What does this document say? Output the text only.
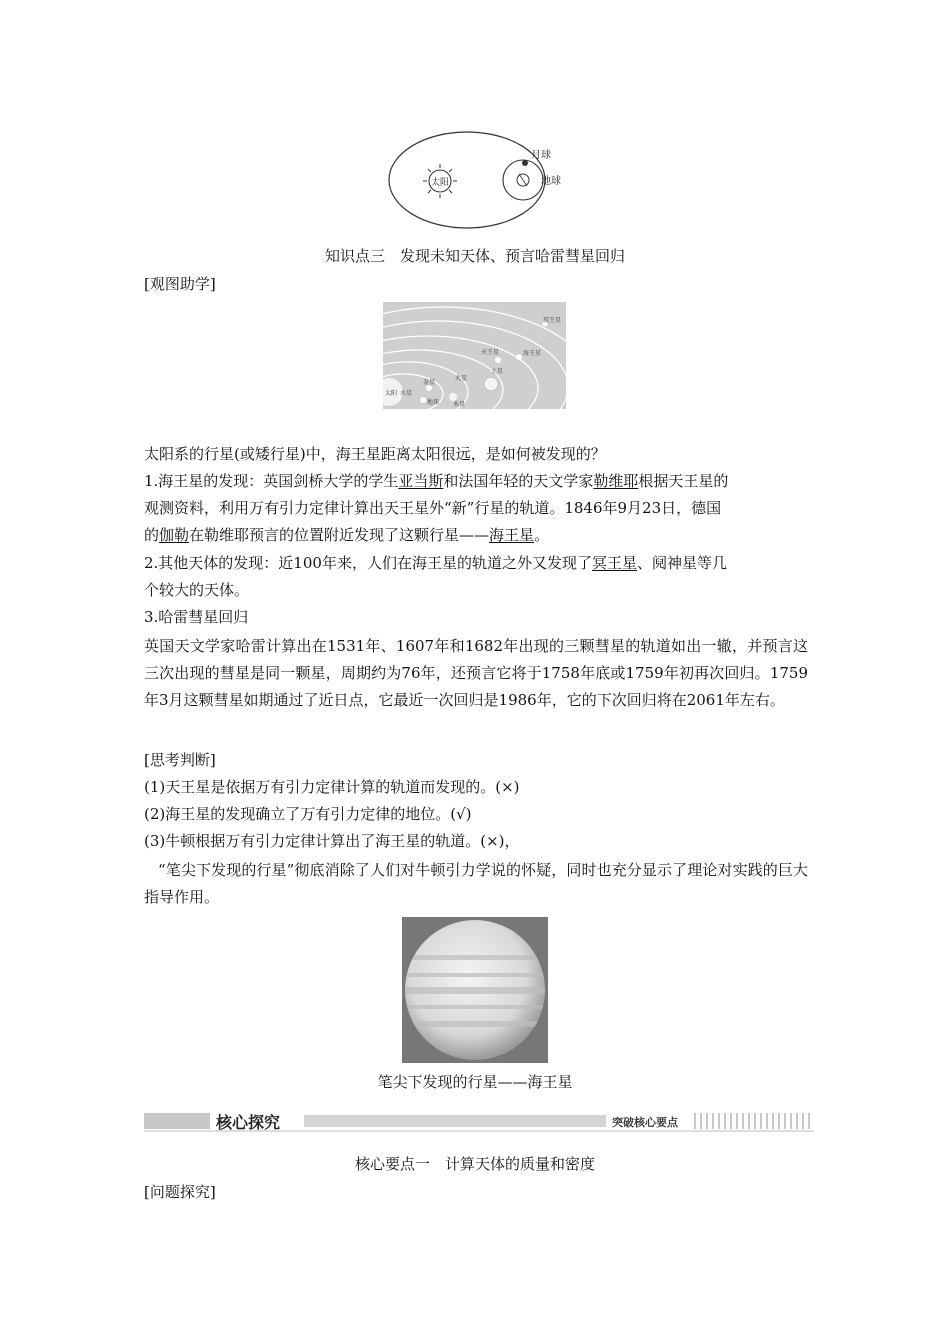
太阳
月球
地球
知识点三　发现未知天体、预言哈雷彗星回归
[观图助学]
太阳 水星
金星
地球
火星
木星
土星
天王星	海王星
冥王星
太阳系的行星(或矮行星)中，海王星距离太阳很远，是如何被发现的？
1.海王星的发现：英国剑桥大学的学生亚当斯和法国年轻的天文学家勒维耶根据天王星的
观测资料，利用万有引力定律计算出天王星外“新”行星的轨道。1846年9月23日，德国
的伽勒在勒维耶预言的位置附近发现了这颗行星——海王星。
2.其他天体的发现：近100年来，人们在海王星的轨道之外又发现了冥王星、阋神星等几
个较大的天体。
3.哈雷彗星回归
英国天文学家哈雷计算出在1531年、1607年和1682年出现的三颗彗星的轨道如出一辙，并预言这三次出现的彗星是同一颗星，周期约为76年，还预言它将于1758年底或1759年初再次回归。1759年3月这颗彗星如期通过了近日点，它最近一次回归是1986年，它的下次回归将在2061年左右。
[思考判断]
(1)天王星是依据万有引力定律计算的轨道而发现的。(×)
(2)海王星的发现确立了万有引力定律的地位。(√)
(3)牛顿根据万有引力定律计算出了海王星的轨道。(×)，
“笔尖下发现的行星”彻底消除了人们对牛顿引力学说的怀疑，同时也充分显示了理论对实践的巨大指导作用。
笔尖下发现的行星——海王星
核心探究	突破核心要点
核心要点一　计算天体的质量和密度
[问题探究]
